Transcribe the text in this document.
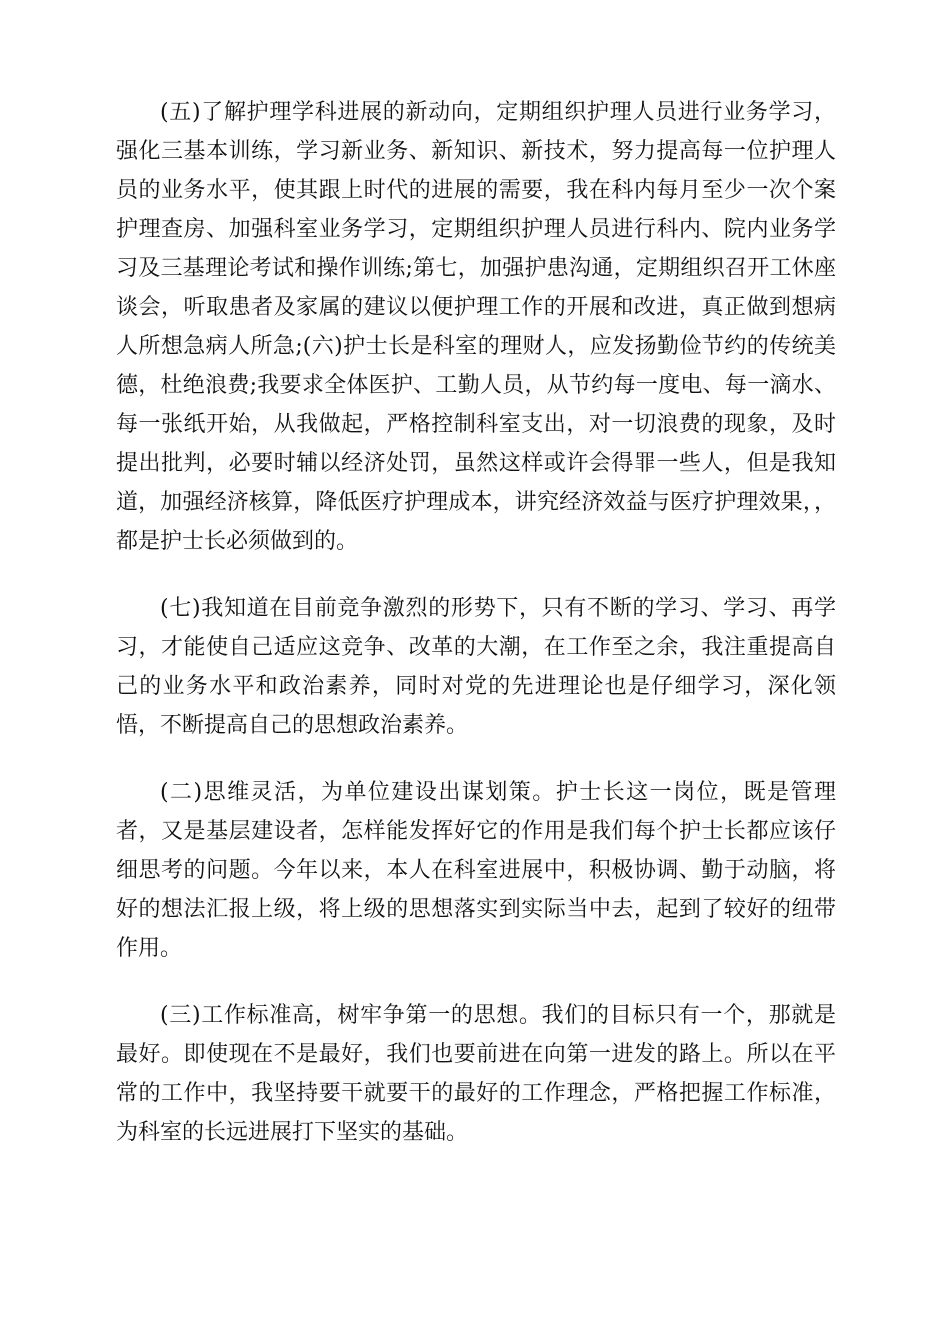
(五)了解护理学科进展的新动向，定期组织护理人员进行业务学习，强化三基本训练，学习新业务、新知识、新技术，努力提高每一位护理人员的业务水平，使其跟上时代的进展的需要，我在科内每月至少一次个案护理查房、加强科室业务学习，定期组织护理人员进行科内、院内业务学习及三基理论考试和操作训练;第七，加强护患沟通，定期组织召开工休座谈会，听取患者及家属的建议以便护理工作的开展和改进，真正做到想病人所想急病人所急;(六)护士长是科室的理财人，应发扬勤俭节约的传统美德，杜绝浪费;我要求全体医护、工勤人员，从节约每一度电、每一滴水、每一张纸开始，从我做起，严格控制科室支出，对一切浪费的现象，及时提出批判，必要时辅以经济处罚，虽然这样或许会得罪一些人，但是我知道，加强经济核算，降低医疗护理成本，讲究经济效益与医疗护理效果，，都是护士长必须做到的。

(七)我知道在目前竞争激烈的形势下，只有不断的学习、学习、再学习，才能使自己适应这竞争、改革的大潮，在工作至之余，我注重提高自己的业务水平和政治素养，同时对党的先进理论也是仔细学习，深化领悟，不断提高自己的思想政治素养。

(二)思维灵活，为单位建设出谋划策。护士长这一岗位，既是管理者，又是基层建设者，怎样能发挥好它的作用是我们每个护士长都应该仔细思考的问题。今年以来，本人在科室进展中，积极协调、勤于动脑，将好的想法汇报上级，将上级的思想落实到实际当中去，起到了较好的纽带作用。

(三)工作标准高，树牢争第一的思想。我们的目标只有一个，那就是最好。即使现在不是最好，我们也要前进在向第一进发的路上。所以在平常的工作中，我坚持要干就要干的最好的工作理念，严格把握工作标准，为科室的长远进展打下坚实的基础。
